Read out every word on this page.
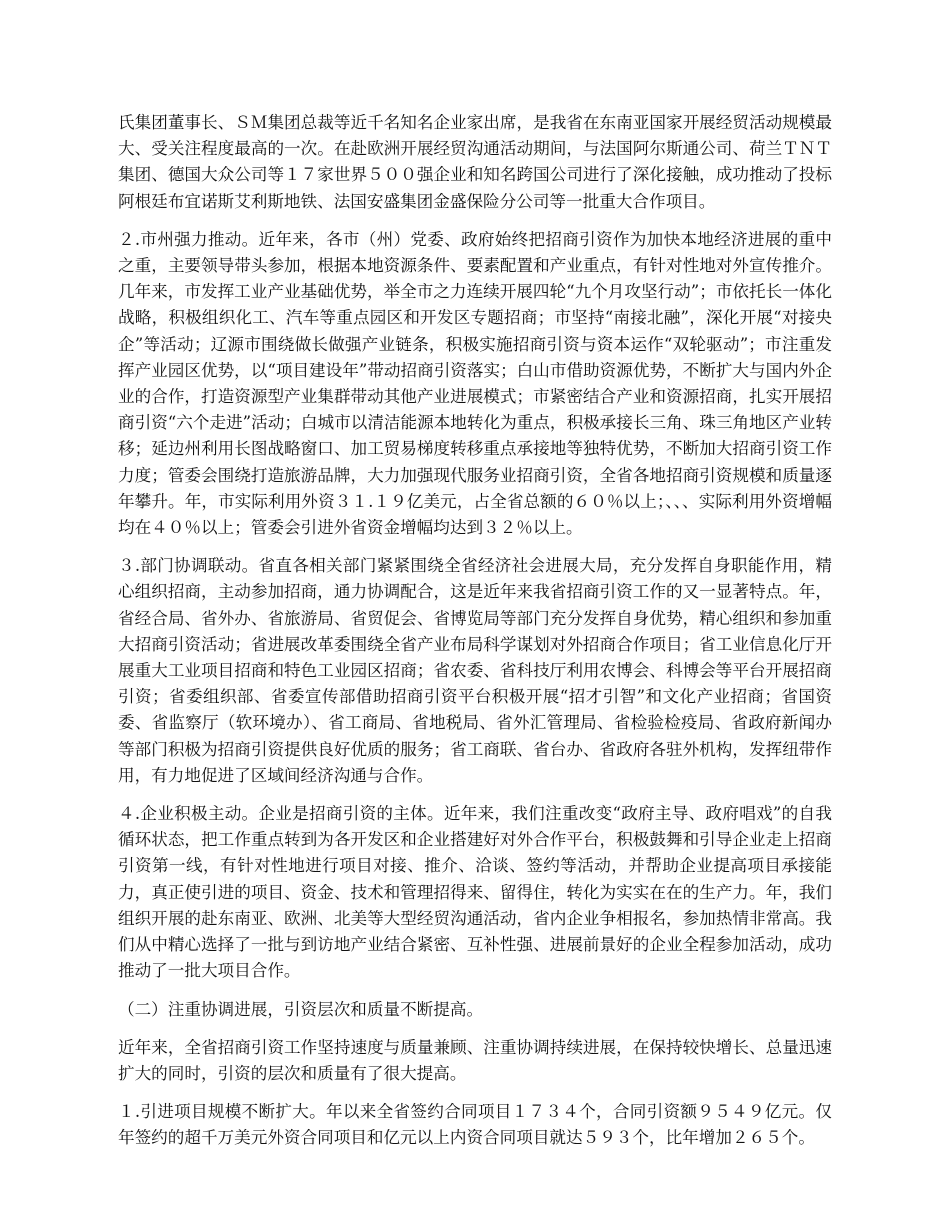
氏集团董事长、ＳＭ集团总裁等近千名知名企业家出席，是我省在东南亚国家开展经贸活动规模最大、受关注程度最高的一次。在赴欧洲开展经贸沟通活动期间，与法国阿尔斯通公司、荷兰ＴＮＴ集团、德国大众公司等１７家世界５００强企业和知名跨国公司进行了深化接触，成功推动了投标阿根廷布宜诺斯艾利斯地铁、法国安盛集团金盛保险分公司等一批重大合作项目。

２.市州强力推动。近年来，各市（州）党委、政府始终把招商引资作为加快本地经济进展的重中之重，主要领导带头参加，根据本地资源条件、要素配置和产业重点，有针对性地对外宣传推介。几年来，市发挥工业产业基础优势，举全市之力连续开展四轮“九个月攻坚行动”；市依托长一体化战略，积极组织化工、汽车等重点园区和开发区专题招商；市坚持“南接北融”，深化开展“对接央企”等活动；辽源市围绕做长做强产业链条，积极实施招商引资与资本运作“双轮驱动”；市注重发挥产业园区优势，以“项目建设年”带动招商引资落实；白山市借助资源优势，不断扩大与国内外企业的合作，打造资源型产业集群带动其他产业进展模式；市紧密结合产业和资源招商，扎实开展招商引资“六个走进”活动；白城市以清洁能源本地转化为重点，积极承接长三角、珠三角地区产业转移；延边州利用长图战略窗口、加工贸易梯度转移重点承接地等独特优势，不断加大招商引资工作力度；管委会围绕打造旅游品牌，大力加强现代服务业招商引资，全省各地招商引资规模和质量逐年攀升。年，市实际利用外资３１.１９亿美元，占全省总额的６０％以上；、、、实际利用外资增幅均在４０％以上；管委会引进外省资金增幅均达到３２％以上。

３.部门协调联动。省直各相关部门紧紧围绕全省经济社会进展大局，充分发挥自身职能作用，精心组织招商，主动参加招商，通力协调配合，这是近年来我省招商引资工作的又一显著特点。年，省经合局、省外办、省旅游局、省贸促会、省博览局等部门充分发挥自身优势，精心组织和参加重大招商引资活动；省进展改革委围绕全省产业布局科学谋划对外招商合作项目；省工业信息化厅开展重大工业项目招商和特色工业园区招商；省农委、省科技厅利用农博会、科博会等平台开展招商引资；省委组织部、省委宣传部借助招商引资平台积极开展“招才引智”和文化产业招商；省国资委、省监察厅（软环境办）、省工商局、省地税局、省外汇管理局、省检验检疫局、省政府新闻办等部门积极为招商引资提供良好优质的服务；省工商联、省台办、省政府各驻外机构，发挥纽带作用，有力地促进了区域间经济沟通与合作。

４.企业积极主动。企业是招商引资的主体。近年来，我们注重改变“政府主导、政府唱戏”的自我循环状态，把工作重点转到为各开发区和企业搭建好对外合作平台，积极鼓舞和引导企业走上招商引资第一线，有针对性地进行项目对接、推介、洽谈、签约等活动，并帮助企业提高项目承接能力，真正使引进的项目、资金、技术和管理招得来、留得住，转化为实实在在的生产力。年，我们组织开展的赴东南亚、欧洲、北美等大型经贸沟通活动，省内企业争相报名，参加热情非常高。我们从中精心选择了一批与到访地产业结合紧密、互补性强、进展前景好的企业全程参加活动，成功推动了一批大项目合作。

（二）注重协调进展，引资层次和质量不断提高。

近年来，全省招商引资工作坚持速度与质量兼顾、注重协调持续进展，在保持较快增长、总量迅速扩大的同时，引资的层次和质量有了很大提高。

１.引进项目规模不断扩大。年以来全省签约合同项目１７３４个，合同引资额９５４９亿元。仅年签约的超千万美元外资合同项目和亿元以上内资合同项目就达５９３个，比年增加２６５个。
